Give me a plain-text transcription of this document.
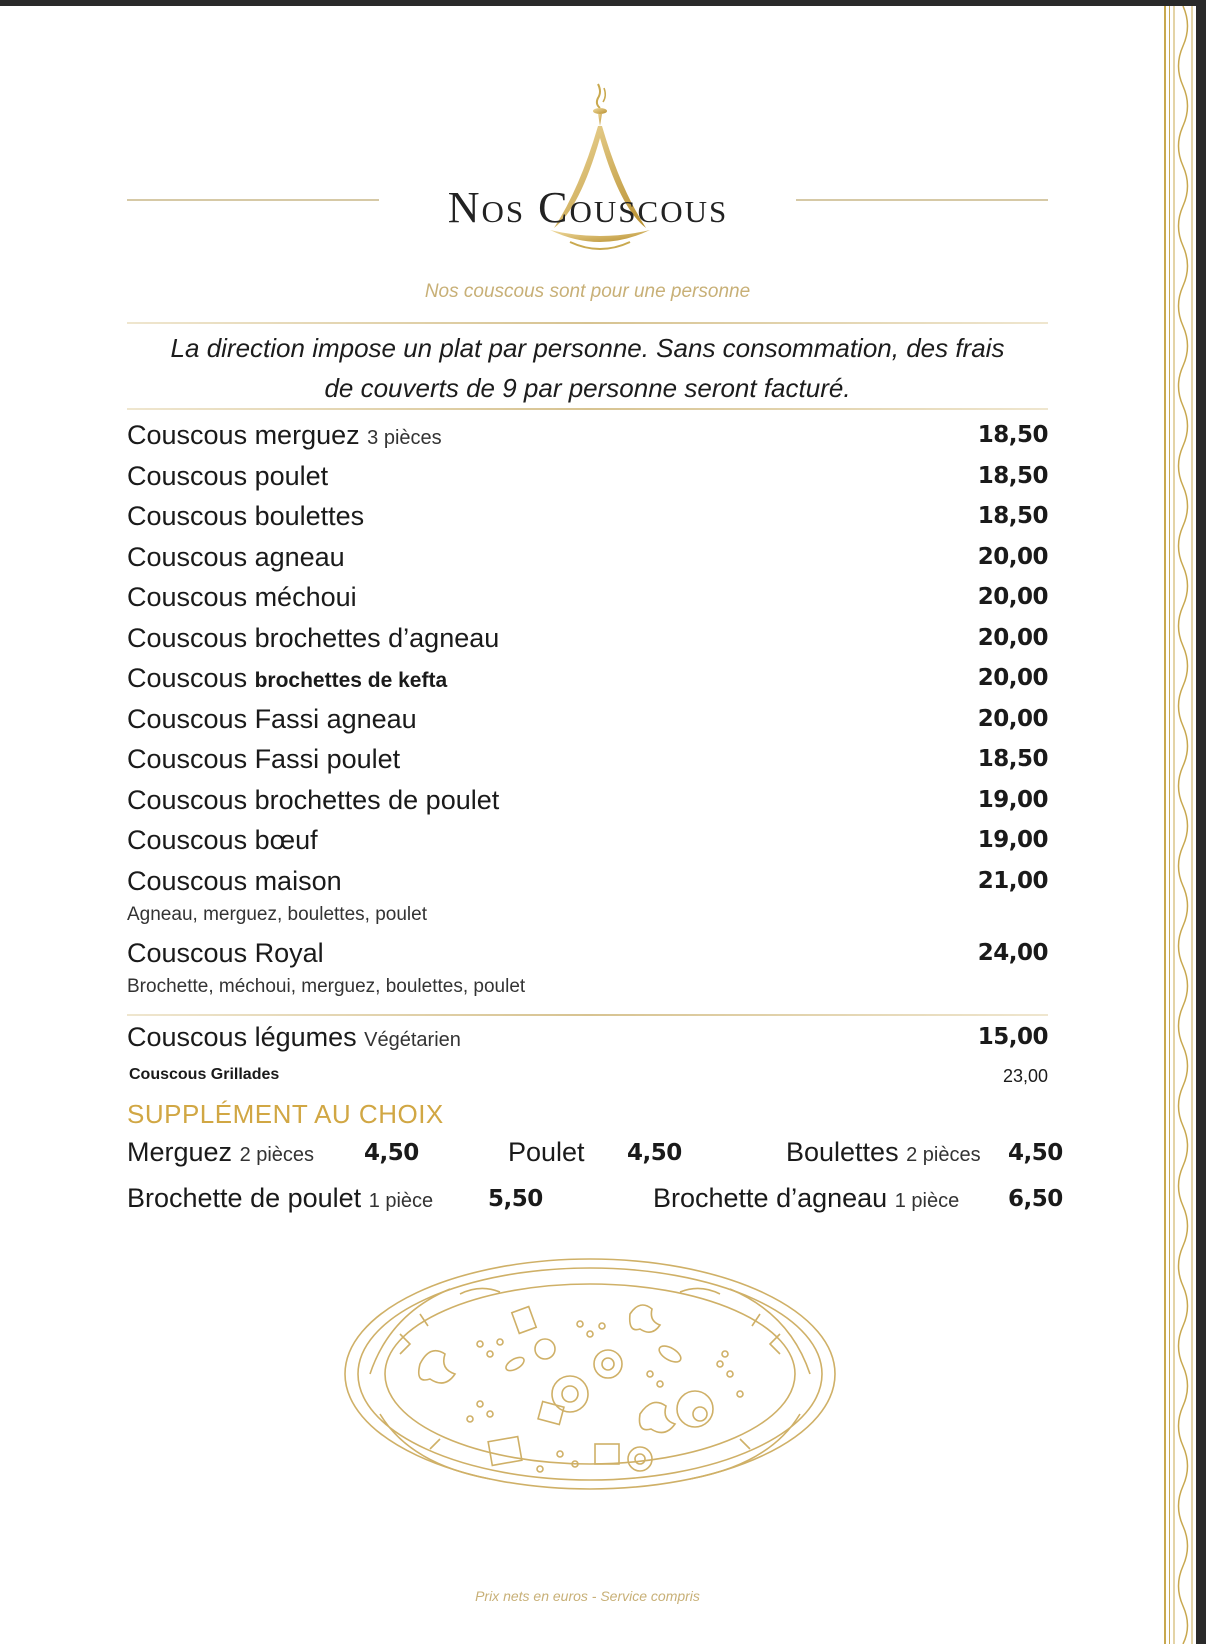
Nos Couscous
Nos couscous sont pour une personne
La direction impose un plat par personne. Sans consommation, des frais
de couverts de 9 par personne seront facturé.
Couscous merguez 3 pièces	18,50
Couscous poulet	18,50
Couscous boulettes	18,50
Couscous agneau	20,00
Couscous méchoui	20,00
Couscous brochettes d’agneau	20,00
Couscous brochettes de kefta	20,00
Couscous Fassi agneau	20,00
Couscous Fassi poulet	18,50
Couscous brochettes de poulet	19,00
Couscous bœuf	19,00
Couscous maison	21,00
Agneau, merguez, boulettes, poulet
Couscous Royal	24,00
Brochette, méchoui, merguez, boulettes, poulet
Couscous légumes Végétarien	15,00
Couscous Grillades	23,00
SUPPLÉMENT AU CHOIX
Merguez 2 pièces 4,50	Poulet 4,50	Boulettes 2 pièces 4,50
Brochette de poulet 1 pièce 5,50	Brochette d’agneau 1 pièce 6,50
Prix nets en euros - Service compris
